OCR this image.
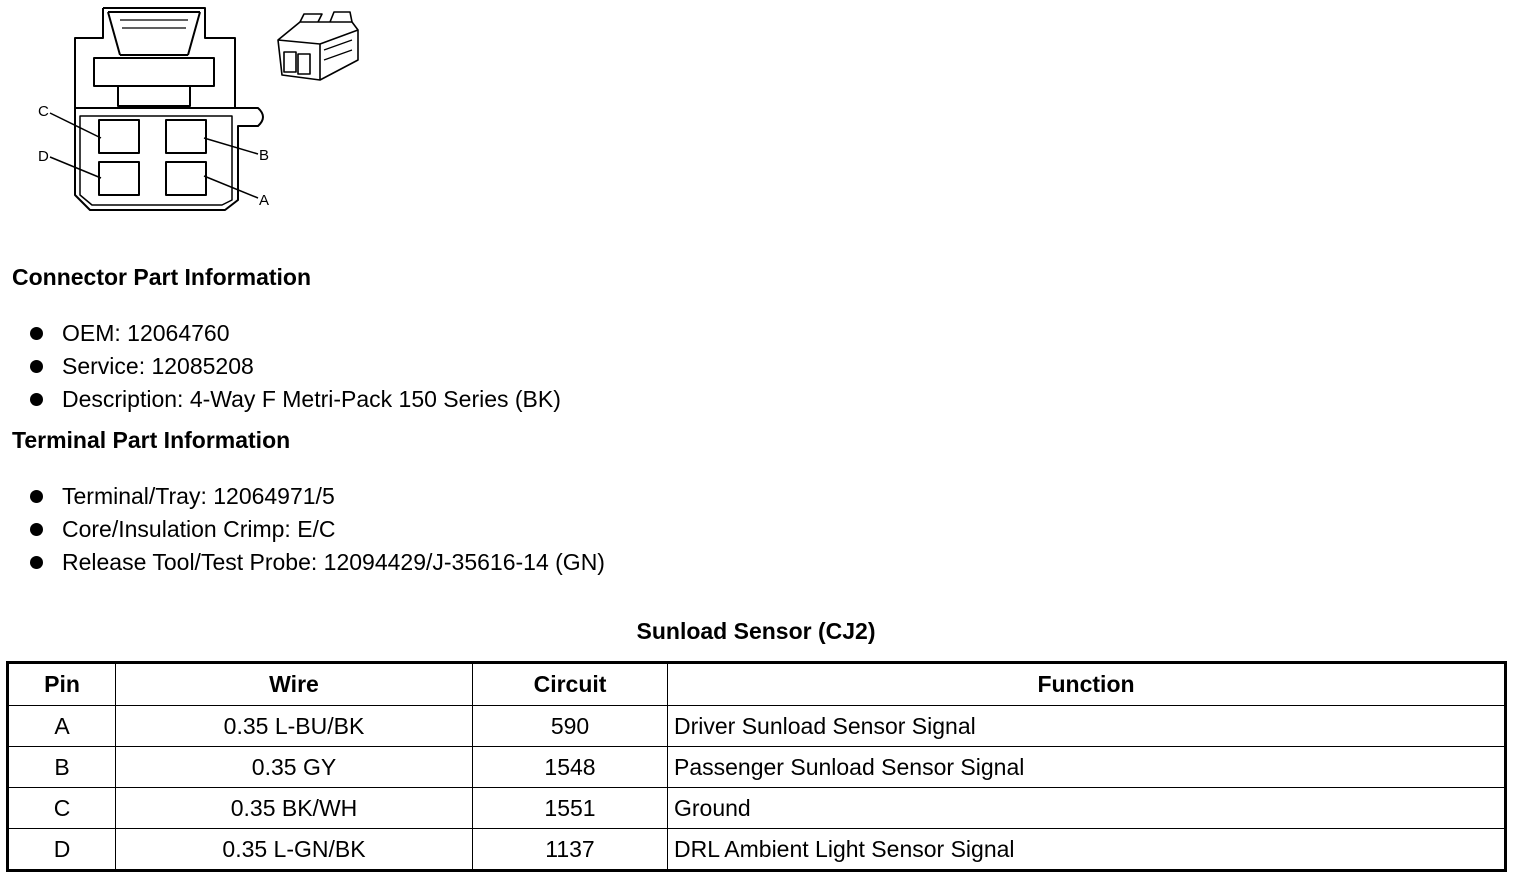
C
D	B
A
Connector Part Information
OEM: 12064760
Service: 12085208
Description: 4-Way F Metri-Pack 150 Series (BK)
Terminal Part Information
Terminal/Tray: 12064971/5
Core/Insulation Crimp: E/C
Release Tool/Test Probe: 12094429/J-35616-14 (GN)
Sunload Sensor (CJ2)
Pin	Wire	Circuit	Function
A	0.35 L-BU/BK	590	Driver Sunload Sensor Signal
B	0.35 GY	1548	Passenger Sunload Sensor Signal
C	0.35 BK/WH	1551	Ground
D	0.35 L-GN/BK	1137	DRL Ambient Light Sensor Signal
